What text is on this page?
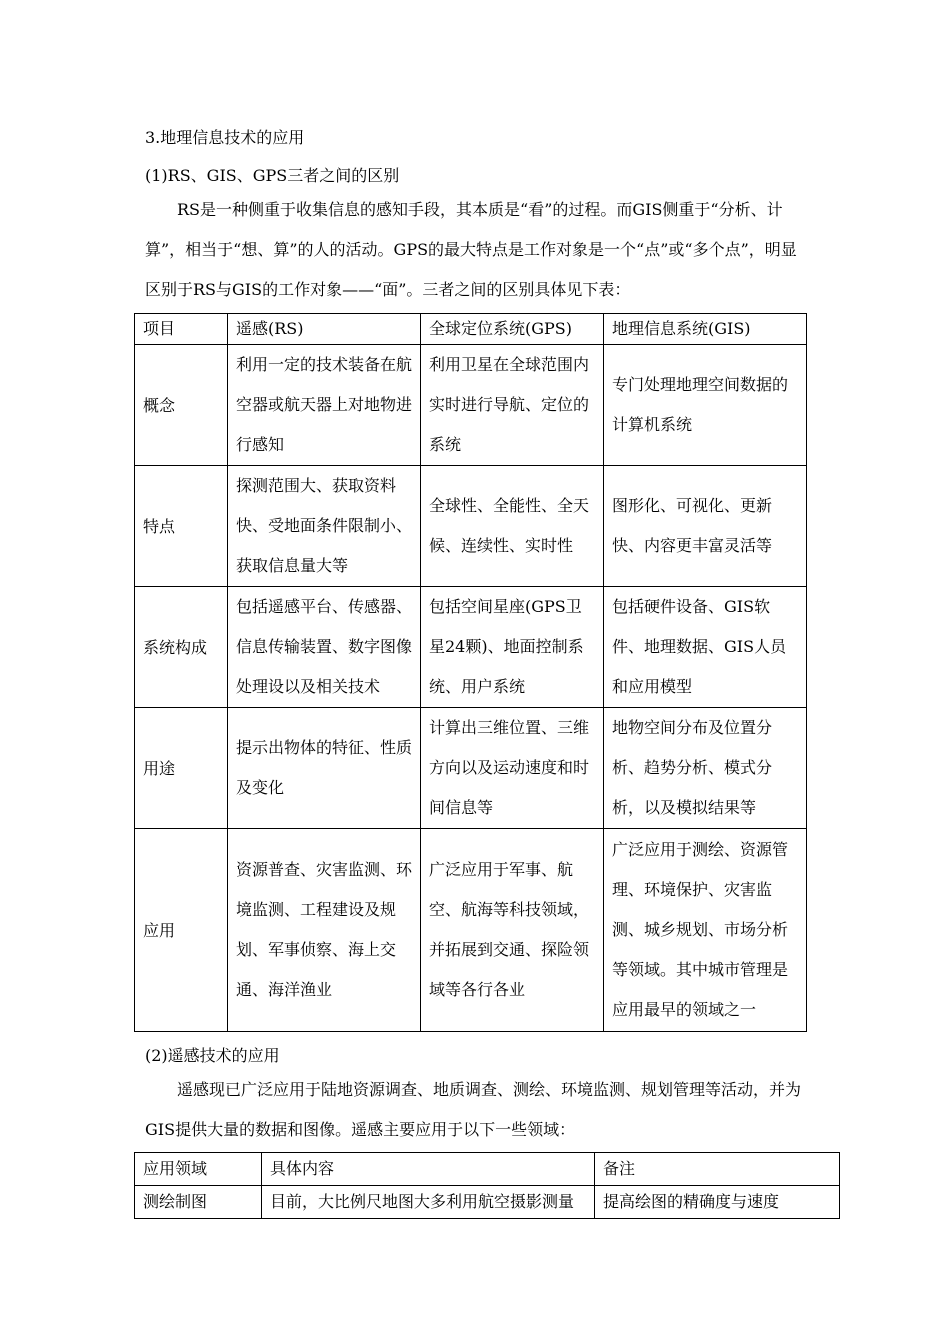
3.地理信息技术的应用
(1)RS、GIS、GPS三者之间的区别
RS是一种侧重于收集信息的感知手段，其本质是“看”的过程。而GIS侧重于“分析、计算”，相当于“想、算”的人的活动。GPS的最大特点是工作对象是一个“点”或“多个点”，明显区别于RS与GIS的工作对象——“面”。三者之间的区别具体见下表：
项目	遥感(RS)	全球定位系统(GPS)	地理信息系统(GIS)
概念	利用一定的技术装备在航空器或航天器上对地物进行感知	利用卫星在全球范围内实时进行导航、定位的系统	专门处理地理空间数据的计算机系统
特点	探测范围大、获取资料快、受地面条件限制小、获取信息量大等	全球性、全能性、全天候、连续性、实时性	图形化、可视化、更新快、内容更丰富灵活等
系统构成	包括遥感平台、传感器、信息传输装置、数字图像处理设以及相关技术	包括空间星座(GPS卫星24颗)、地面控制系统、用户系统	包括硬件设备、GIS软件、地理数据、GIS人员和应用模型
用途	提示出物体的特征、性质及变化	计算出三维位置、三维方向以及运动速度和时间信息等	地物空间分布及位置分析、趋势分析、模式分析，以及模拟结果等
应用	资源普查、灾害监测、环境监测、工程建设及规划、军事侦察、海上交通、海洋渔业	广泛应用于军事、航空、航海等科技领域，并拓展到交通、探险领域等各行各业	广泛应用于测绘、资源管理、环境保护、灾害监测、城乡规划、市场分析等领域。其中城市管理是应用最早的领域之一
(2)遥感技术的应用
遥感现已广泛应用于陆地资源调查、地质调查、测绘、环境监测、规划管理等活动，并为GIS提供大量的数据和图像。遥感主要应用于以下一些领域：
应用领域	具体内容	备注
测绘制图	目前，大比例尺地图大多利用航空摄影测量	提高绘图的精确度与速度
